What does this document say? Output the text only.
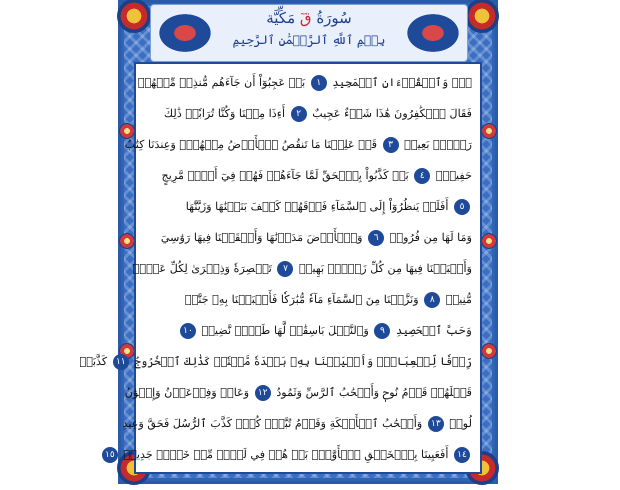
سُورَةُ قٓ مَكِّيَّة
بِسۡمِ ٱللَّهِ ٱلرَّحۡمَٰنِ ٱلرَّحِيمِ
قٓۚ وَٱلۡقُرۡءَانِ ٱلۡمَجِيدِ ١ بَلۡ عَجِبُوٓاْ أَن جَآءَهُم مُّنذِرٞ مِّنۡهُمۡ
فَقَالَ ٱلۡكَٰفِرُونَ هَٰذَا شَيۡءٌ عَجِيبٌ ٢ أَءِذَا مِتۡنَا وَكُنَّا تُرَابٗاۖ ذَٰلِكَ
رَجۡعُۢ بَعِيدٞ ٣ قَدۡ عَلِمۡنَا مَا تَنقُصُ ٱلۡأَرۡضُ مِنۡهُمۡۖ وَعِندَنَا كِتَٰبٌ
حَفِيظُۢ ٤ بَلۡ كَذَّبُواْ بِٱلۡحَقِّ لَمَّا جَآءَهُمۡ فَهُمۡ فِيٓ أَمۡرٖ مَّرِيجٍ
٥ أَفَلَمۡ يَنظُرُوٓاْ إِلَى ٱلسَّمَآءِ فَوۡقَهُمۡ كَيۡفَ بَنَيۡنَٰهَا وَزَيَّنَّٰهَا
وَمَا لَهَا مِن فُرُوجٖ ٦ وَٱلۡأَرۡضَ مَدَدۡنَٰهَا وَأَلۡقَيۡنَا فِيهَا رَوَٰسِيَ
وَأَنۢبَتۡنَا فِيهَا مِن كُلِّ زَوۡجِۭ بَهِيجٖ ٧ تَبۡصِرَةٗ وَذِكۡرَىٰ لِكُلِّ عَبۡدٖ
مُّنِيبٖ ٨ وَنَزَّلۡنَا مِنَ ٱلسَّمَآءِ مَآءٗ مُّبَٰرَكٗا فَأَنۢبَتۡنَا بِهِۦ جَنَّٰتٖ
وَحَبَّ ٱلۡحَصِيدِ ٩ وَٱلنَّخۡلَ بَاسِقَٰتٖ لَّهَا طَلۡعٞ نَّضِيدٞ ١٠
رِّزۡقٗا لِّلۡعِبَادِۖ وَأَحۡيَيۡنَا بِهِۦ بَلۡدَةٗ مَّيۡتٗاۚ كَذَٰلِكَ ٱلۡخُرُوجُ ١١ كَذَّبَتۡ
قَبۡلَهُمۡ قَوۡمُ نُوحٖ وَأَصۡحَٰبُ ٱلرَّسِّ وَثَمُودُ ١٢ وَعَادٞ وَفِرۡعَوۡنُ وَإِخۡوَٰنُ
لُوطٖ ١٣ وَأَصۡحَٰبُ ٱلۡأَيۡكَةِ وَقَوۡمُ تُبَّعٖۚ كُلّٞ كَذَّبَ ٱلرُّسُلَ فَحَقَّ وَعِيدِ
١٤ أَفَعَيِينَا بِٱلۡخَلۡقِ ٱلۡأَوَّلِۚ بَلۡ هُمۡ فِي لَبۡسٖ مِّنۡ خَلۡقٖ جَدِيدٖ ١٥
